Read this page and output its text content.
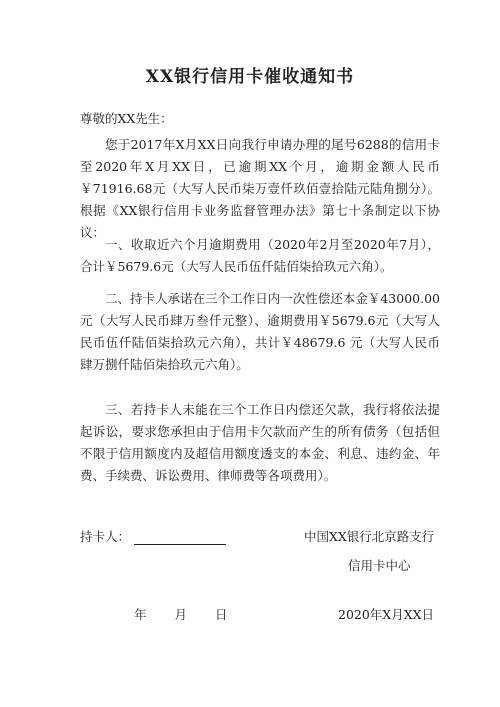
XX银行信用卡催收通知书
尊敬的XX先生：

您于2017年X月XX日向我行申请办理的尾号6288的信用卡至2020年X月XX日，已逾期XX个月，逾期金额人民币￥71916.68元（大写人民币柒万壹仟玖佰壹拾陆元陆角捌分）。根据《XX银行信用卡业务监督管理办法》第七十条制定以下协议：

一、收取近六个月逾期费用（2020年2月至2020年7月），合计￥5679.6元（大写人民币伍仟陆佰柒拾玖元六角）。

二、持卡人承诺在三个工作日内一次性偿还本金￥43000.00 元（大写人民币肆万叁仟元整）、逾期费用￥5679.6元（大写人民币伍仟陆佰柒拾玖元六角），共计￥48679.6 元（大写人民币肆万捌仟陆佰柒拾玖元六角）。

三、若持卡人未能在三个工作日内偿还欠款，我行将依法提起诉讼，要求您承担由于信用卡欠款而产生的所有债务（包括但不限于信用额度内及超信用额度透支的本金、利息、违约金、年费、手续费、诉讼费用、律师费等各项费用）。

持卡人：	中国XX银行北京路支行
信用卡中心
年 月 日	2020年X月XX日
